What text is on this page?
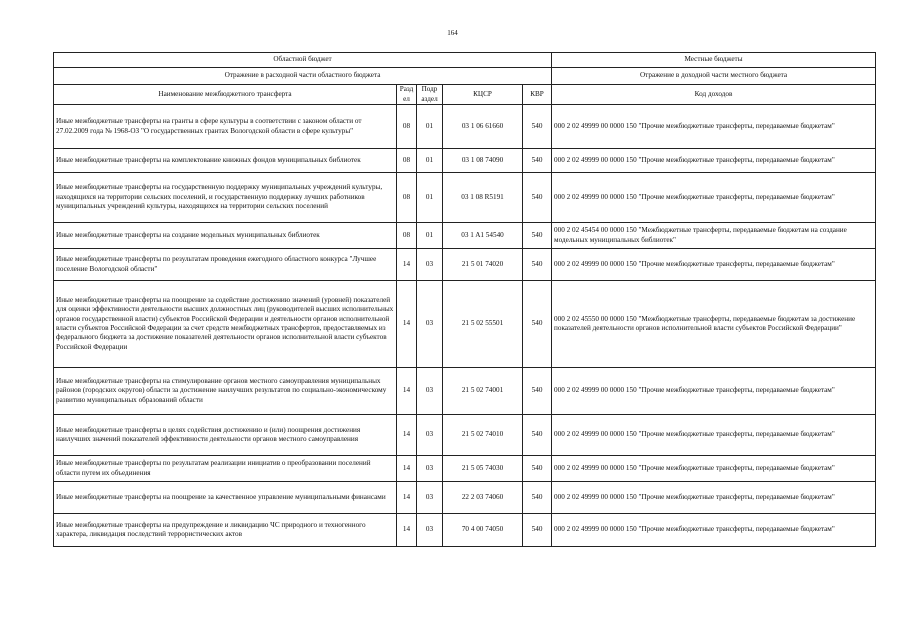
164
Областной бюджет					Местные бюджеты
Отражение в расходной части областного бюджета					Отражение в доходной части местного бюджета
Наименование межбюджетного трансферта	Разд ел	Подр аздел	КЦСР	КВР	Код доходов
Иные межбюджетные трансферты на гранты в сфере культуры в соответствии с законом области от 27.02.2009 года № 1968-ОЗ "О государственных грантах Вологодской области в сфере культуры"	08	01	03 1 06 61660	540	000 2 02 49999 00 0000 150 "Прочие межбюджетные трансферты, передаваемые бюджетам"
Иные межбюджетные трансферты на комплектование книжных фондов муниципальных библиотек	08	01	03 1 08 74090	540	000 2 02 49999 00 0000 150 "Прочие межбюджетные трансферты, передаваемые бюджетам"
Иные межбюджетные трансферты на государственную поддержку муниципальных учреждений культуры, находящихся на территории сельских поселений, и государственную поддержку лучших работников муниципальных учреждений культуры, находящихся на территории сельских поселений	08	01	03 1 08 R5191	540	000 2 02 49999 00 0000 150 "Прочие межбюджетные трансферты, передаваемые бюджетам"
Иные межбюджетные трансферты на создание модельных муниципальных библиотек	08	01	03 1 A1 54540	540	000 2 02 45454 00 0000 150 "Межбюджетные трансферты, передаваемые бюджетам на создание модельных муниципальных библиотек"
Иные межбюджетные трансферты по результатам проведения ежегодного областного конкурса "Лучшее поселение Вологодской области"	14	03	21 5 01 74020	540	000 2 02 49999 00 0000 150 "Прочие межбюджетные трансферты, передаваемые бюджетам"
Иные межбюджетные трансферты на поощрение за содействие достижению значений (уровней) показателей для оценки эффективности деятельности высших должностных лиц (руководителей высших исполнительных органов государственной власти) субъектов Российской Федерации и деятельности органов исполнительной власти субъектов Российской Федерации за счет средств межбюджетных трансфертов, предоставляемых из федерального бюджета за достижение показателей деятельности органов исполнительной власти субъектов Российской Федерации	14	03	21 5 02 55501	540	000 2 02 45550 00 0000 150 "Межбюджетные трансферты, передаваемые бюджетам за достижение показателей деятельности органов исполнительной власти субъектов Российской Федерации"
Иные межбюджетные трансферты на стимулирование органов местного самоуправления муниципальных районов (городских округов) области за достижение наилучших результатов по социально-экономическому развитию муниципальных образований области	14	03	21 5 02 74001	540	000 2 02 49999 00 0000 150 "Прочие межбюджетные трансферты, передаваемые бюджетам"
Иные межбюджетные трансферты в целях содействия достижению и (или) поощрения достижения наилучших значений показателей эффективности деятельности органов местного самоуправления	14	03	21 5 02 74010	540	000 2 02 49999 00 0000 150 "Прочие межбюджетные трансферты, передаваемые бюджетам"
Иные межбюджетные трансферты по результатам реализации инициатив о преобразовании поселений области путем их объединения	14	03	21 5 05 74030	540	000 2 02 49999 00 0000 150 "Прочие межбюджетные трансферты, передаваемые бюджетам"
Иные межбюджетные трансферты на поощрение за качественное управление муниципальными финансами	14	03	22 2 03 74060	540	000 2 02 49999 00 0000 150 "Прочие межбюджетные трансферты, передаваемые бюджетам"
Иные межбюджетные трансферты на предупреждение и ликвидацию ЧС природного и техногенного характера, ликвидация последствий террористических актов	14	03	70 4 00 74050	540	000 2 02 49999 00 0000 150 "Прочие межбюджетные трансферты, передаваемые бюджетам"
